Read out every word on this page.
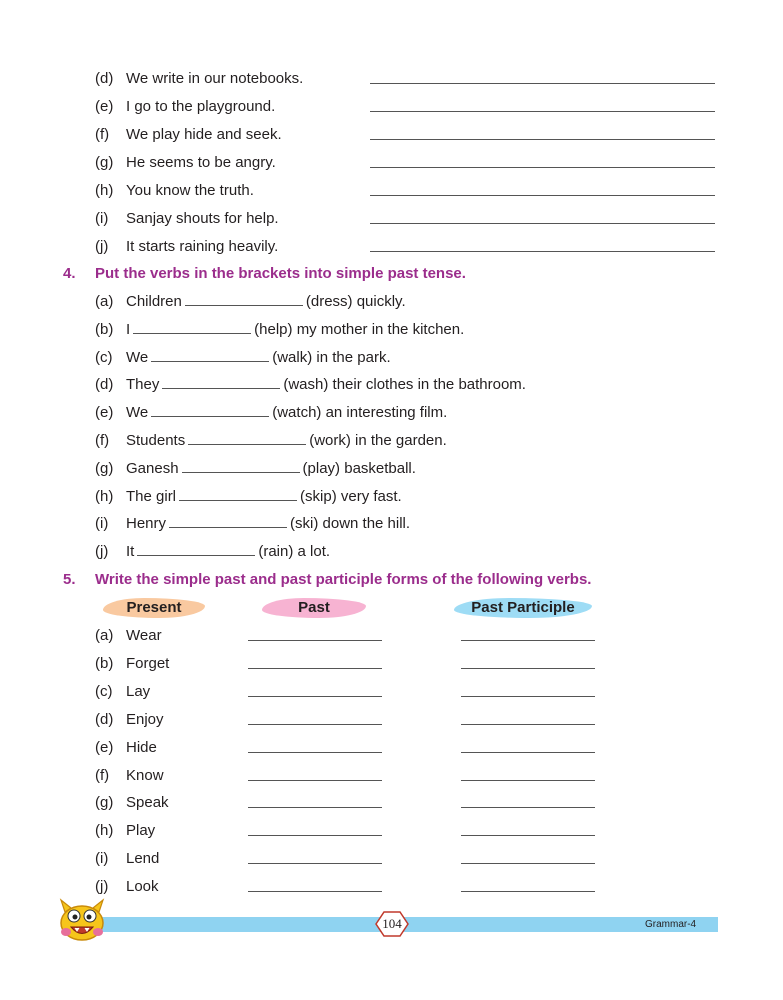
(d) We write in our notebooks.
(e) I go to the playground.
(f) We play hide and seek.
(g) He seems to be angry.
(h) You know the truth.
(i) Sanjay shouts for help.
(j) It starts raining heavily.
4. Put the verbs in the brackets into simple past tense.
(a) Children	(dress) quickly.
(b) I	(help) my mother in the kitchen.
(c) We	(walk) in the park.
(d) They	(wash) their clothes in the bathroom.
(e) We	(watch) an interesting film.
(f) Students	(work) in the garden.
(g) Ganesh	(play) basketball.
(h) The girl	(skip) very fast.
(i) Henry	(ski) down the hill.
(j) It	(rain) a lot.
5. Write the simple past and past participle forms of the following verbs.
Present	Past	Past Participle
(a) Wear
(b) Forget
(c) Lay
(d) Enjoy
(e) Hide
(f) Know
(g) Speak
(h) Play
(i) Lend
(j) Look
104	Grammar-4
